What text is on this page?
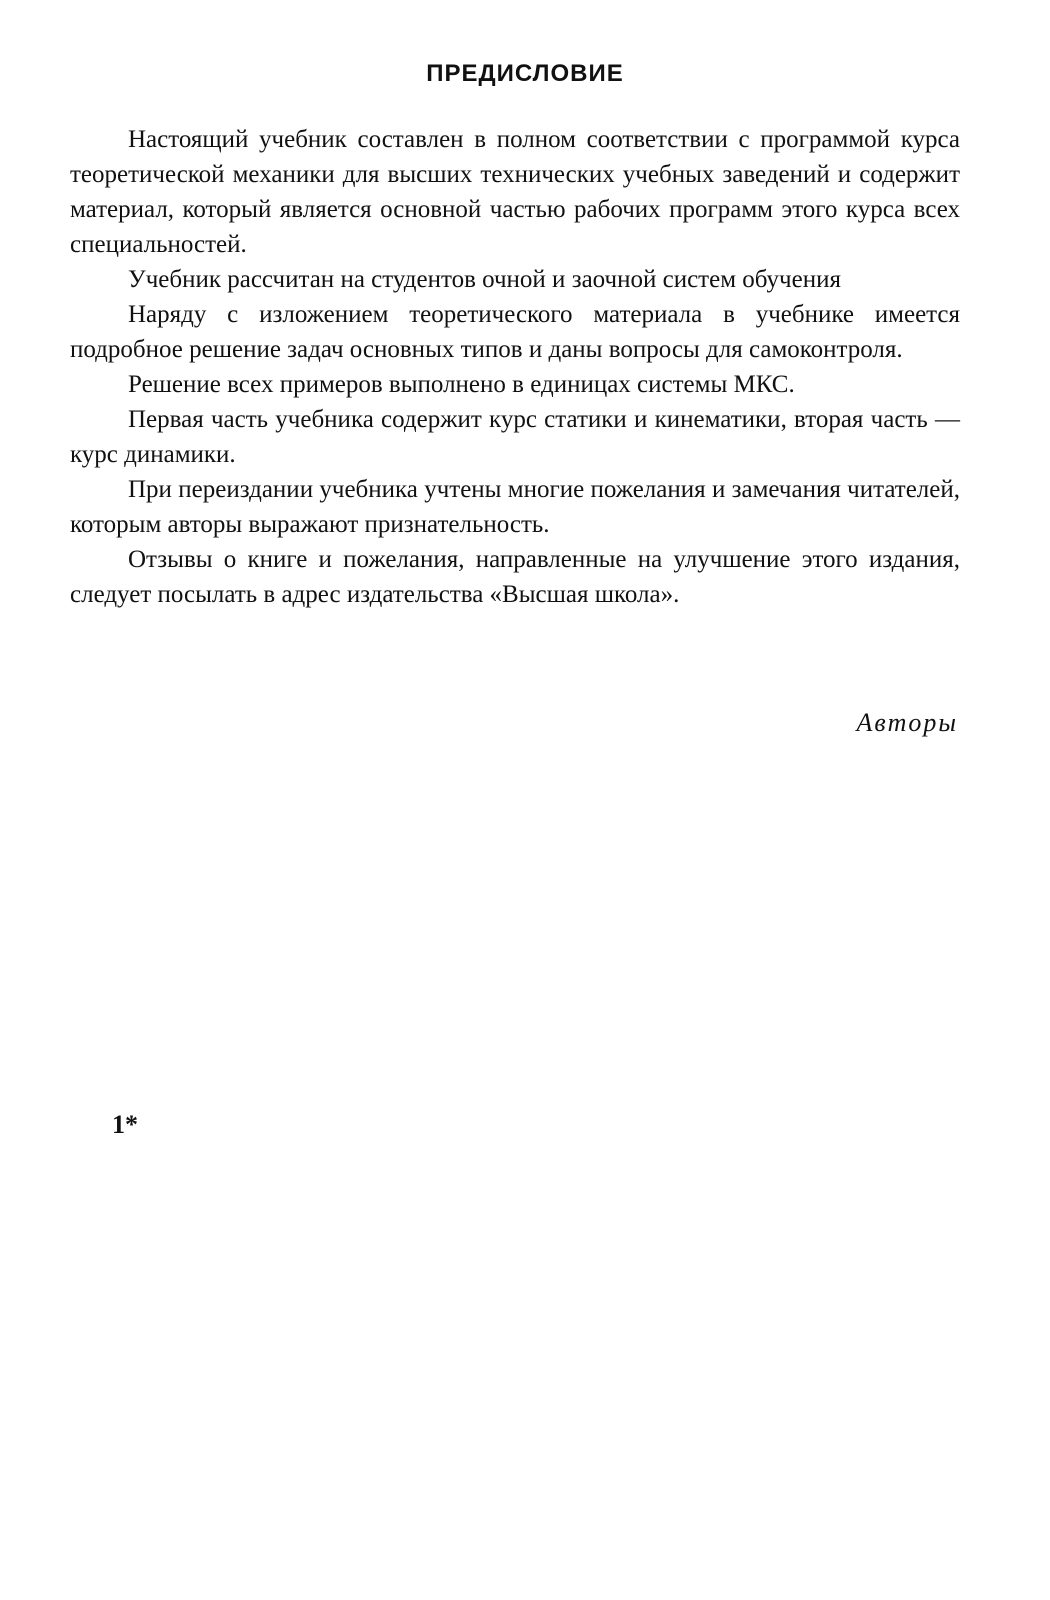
ПРЕДИСЛОВИЕ

Настоящий учебник составлен в полном соответствии с программой курса теоретической механики для высших технических учебных заведений и содержит материал, который является основной частью рабочих программ этого курса всех специальностей.

Учебник рассчитан на студентов очной и заочной систем обучения

Наряду с изложением теоретического материала в учебнике имеется подробное решение задач основных типов и даны вопросы для самоконтроля.

Решение всех примеров выполнено в единицах системы МКС.

Первая часть учебника содержит курс статики и кинематики, вторая часть — курс динамики.

При переиздании учебника учтены многие пожелания и замечания читателей, которым авторы выражают признательность.

Отзывы о книге и пожелания, направленные на улучшение этого издания, следует посылать в адрес издательства «Высшая школа».

Авторы
1*
